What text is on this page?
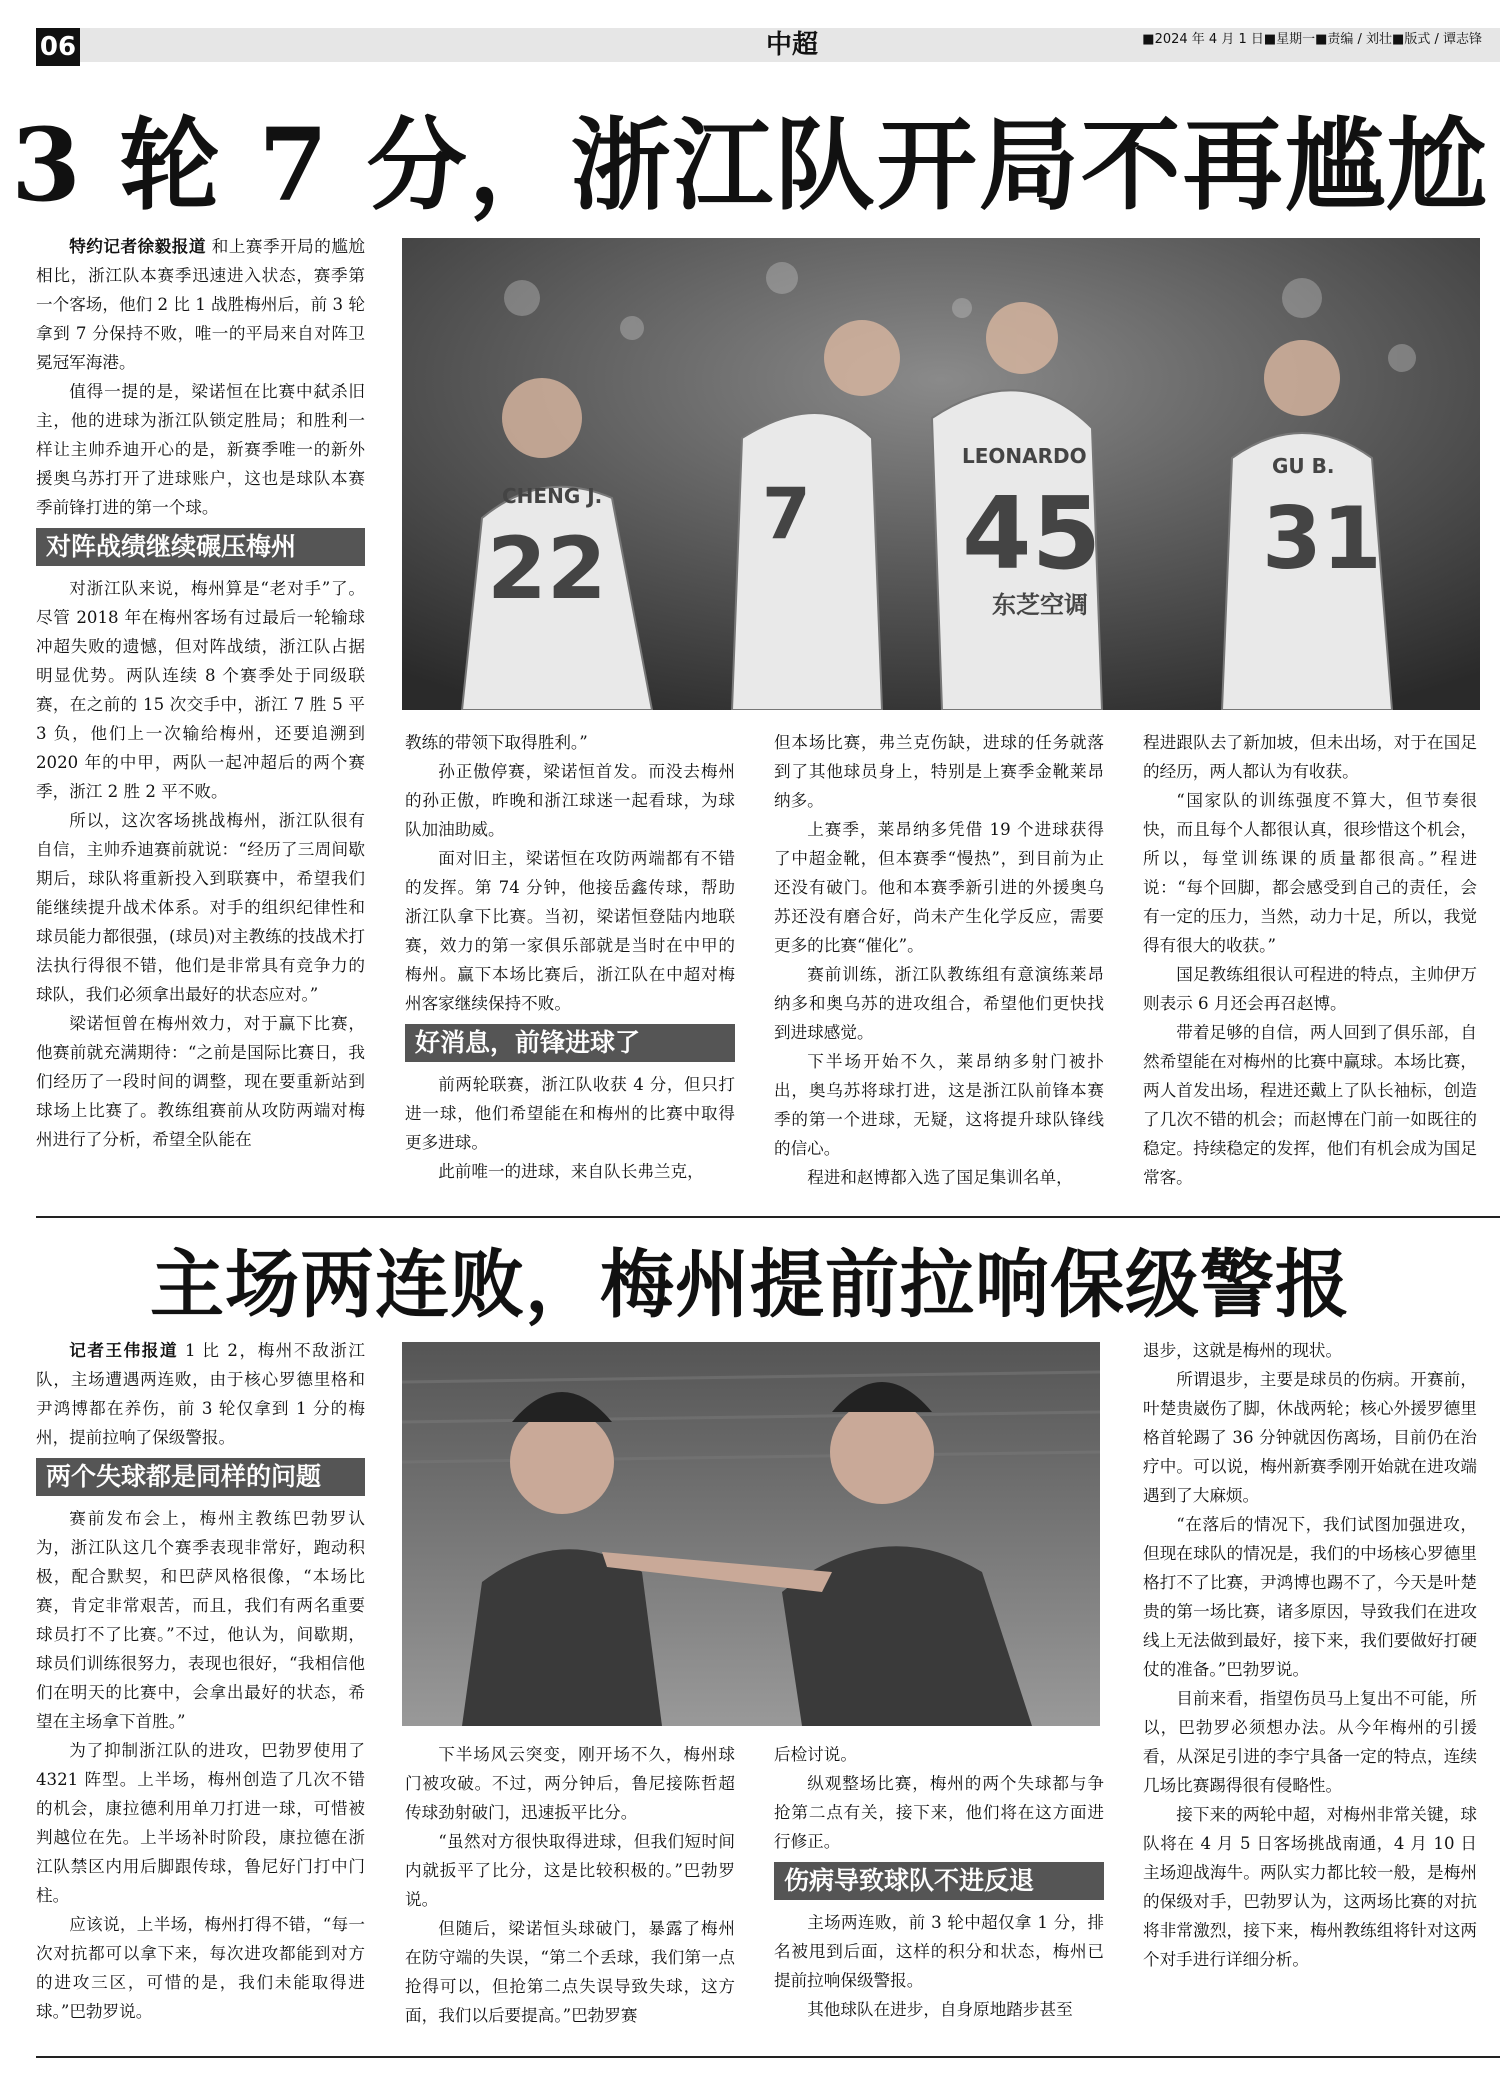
06	中超	■2024 年 4 月 1 日■星期一■责编 / 刘壮■版式 / 谭志锋
3 轮 7 分，浙江队开局不再尴尬
CHENG J.
22
7
LEONARDO
45
GU B.
31
东芝空调

特约记者徐毅报道 和上赛季开局的尴尬相比，浙江队本赛季迅速进入状态，赛季第一个客场，他们 2 比 1 战胜梅州后，前 3 轮拿到 7 分保持不败，唯一的平局来自对阵卫冕冠军海港。

值得一提的是，梁诺恒在比赛中弑杀旧主，他的进球为浙江队锁定胜局；和胜利一样让主帅乔迪开心的是，新赛季唯一的新外援奥乌苏打开了进球账户，这也是球队本赛季前锋打进的第一个球。

对阵战绩继续碾压梅州

对浙江队来说，梅州算是“老对手”了。尽管 2018 年在梅州客场有过最后一轮输球冲超失败的遗憾，但对阵战绩，浙江队占据明显优势。两队连续 8 个赛季处于同级联赛，在之前的 15 次交手中，浙江 7 胜 5 平 3 负，他们上一次输给梅州，还要追溯到 2020 年的中甲，两队一起冲超后的两个赛季，浙江 2 胜 2 平不败。

所以，这次客场挑战梅州，浙江队很有自信，主帅乔迪赛前就说：“经历了三周间歇期后，球队将重新投入到联赛中，希望我们能继续提升战术体系。对手的组织纪律性和球员能力都很强，(球员)对主教练的技战术打法执行得很不错，他们是非常具有竞争力的球队，我们必须拿出最好的状态应对。”

梁诺恒曾在梅州效力，对于赢下比赛，他赛前就充满期待：“之前是国际比赛日，我们经历了一段时间的调整，现在要重新站到球场上比赛了。教练组赛前从攻防两端对梅州进行了分析，希望全队能在

教练的带领下取得胜利。”

孙正傲停赛，梁诺恒首发。而没去梅州的孙正傲，昨晚和浙江球迷一起看球，为球队加油助威。

面对旧主，梁诺恒在攻防两端都有不错的发挥。第 74 分钟，他接岳鑫传球，帮助浙江队拿下比赛。当初，梁诺恒登陆内地联赛，效力的第一家俱乐部就是当时在中甲的梅州。赢下本场比赛后，浙江队在中超对梅州客家继续保持不败。

好消息，前锋进球了

前两轮联赛，浙江队收获 4 分，但只打进一球，他们希望能在和梅州的比赛中取得更多进球。

此前唯一的进球，来自队长弗兰克，

但本场比赛，弗兰克伤缺，进球的任务就落到了其他球员身上，特别是上赛季金靴莱昂纳多。

上赛季，莱昂纳多凭借 19 个进球获得了中超金靴，但本赛季“慢热”，到目前为止还没有破门。他和本赛季新引进的外援奥乌苏还没有磨合好，尚未产生化学反应，需要更多的比赛“催化”。

赛前训练，浙江队教练组有意演练莱昂纳多和奥乌苏的进攻组合，希望他们更快找到进球感觉。

下半场开始不久，莱昂纳多射门被扑出，奥乌苏将球打进，这是浙江队前锋本赛季的第一个进球，无疑，这将提升球队锋线的信心。

程进和赵博都入选了国足集训名单，

程进跟队去了新加坡，但未出场，对于在国足的经历，两人都认为有收获。

“国家队的训练强度不算大，但节奏很快，而且每个人都很认真，很珍惜这个机会，所以，每堂训练课的质量都很高。”程进说：“每个回脚，都会感受到自己的责任，会有一定的压力，当然，动力十足，所以，我觉得有很大的收获。”

国足教练组很认可程进的特点，主帅伊万则表示 6 月还会再召赵博。

带着足够的自信，两人回到了俱乐部，自然希望能在对梅州的比赛中赢球。本场比赛，两人首发出场，程进还戴上了队长袖标，创造了几次不错的机会；而赵博在门前一如既往的稳定。持续稳定的发挥，他们有机会成为国足常客。

主场两连败，梅州提前拉响保级警报

记者王伟报道 1 比 2，梅州不敌浙江队，主场遭遇两连败，由于核心罗德里格和尹鸿博都在养伤，前 3 轮仅拿到 1 分的梅州，提前拉响了保级警报。

两个失球都是同样的问题

赛前发布会上，梅州主教练巴勃罗认为，浙江队这几个赛季表现非常好，跑动积极，配合默契，和巴萨风格很像，“本场比赛，肯定非常艰苦，而且，我们有两名重要球员打不了比赛。”不过，他认为，间歇期，球员们训练很努力，表现也很好，“我相信他们在明天的比赛中，会拿出最好的状态，希望在主场拿下首胜。”

为了抑制浙江队的进攻，巴勃罗使用了 4321 阵型。上半场，梅州创造了几次不错的机会，康拉德利用单刀打进一球，可惜被判越位在先。上半场补时阶段，康拉德在浙江队禁区内用后脚跟传球，鲁尼好门打中门柱。

应该说，上半场，梅州打得不错，“每一次对抗都可以拿下来，每次进攻都能到对方的进攻三区，可惜的是，我们未能取得进球。”巴勃罗说。

下半场风云突变，刚开场不久，梅州球门被攻破。不过，两分钟后，鲁尼接陈哲超传球劲射破门，迅速扳平比分。

“虽然对方很快取得进球，但我们短时间内就扳平了比分，这是比较积极的。”巴勃罗说。

但随后，梁诺恒头球破门，暴露了梅州在防守端的失误，“第二个丢球，我们第一点抢得可以，但抢第二点失误导致失球，这方面，我们以后要提高。”巴勃罗赛

后检讨说。

纵观整场比赛，梅州的两个失球都与争抢第二点有关，接下来，他们将在这方面进行修正。

伤病导致球队不进反退

主场两连败，前 3 轮中超仅拿 1 分，排名被甩到后面，这样的积分和状态，梅州已提前拉响保级警报。

其他球队在进步，自身原地踏步甚至

退步，这就是梅州的现状。

所谓退步，主要是球员的伤病。开赛前，叶楚贵崴伤了脚，休战两轮；核心外援罗德里格首轮踢了 36 分钟就因伤离场，目前仍在治疗中。可以说，梅州新赛季刚开始就在进攻端遇到了大麻烦。

“在落后的情况下，我们试图加强进攻，但现在球队的情况是，我们的中场核心罗德里格打不了比赛，尹鸿博也踢不了，今天是叶楚贵的第一场比赛，诸多原因，导致我们在进攻线上无法做到最好，接下来，我们要做好打硬仗的准备。”巴勃罗说。

目前来看，指望伤员马上复出不可能，所以，巴勃罗必须想办法。从今年梅州的引援看，从深足引进的李宁具备一定的特点，连续几场比赛踢得很有侵略性。

接下来的两轮中超，对梅州非常关键，球队将在 4 月 5 日客场挑战南通，4 月 10 日主场迎战海牛。两队实力都比较一般，是梅州的保级对手，巴勃罗认为，这两场比赛的对抗将非常激烈，接下来，梅州教练组将针对这两个对手进行详细分析。
